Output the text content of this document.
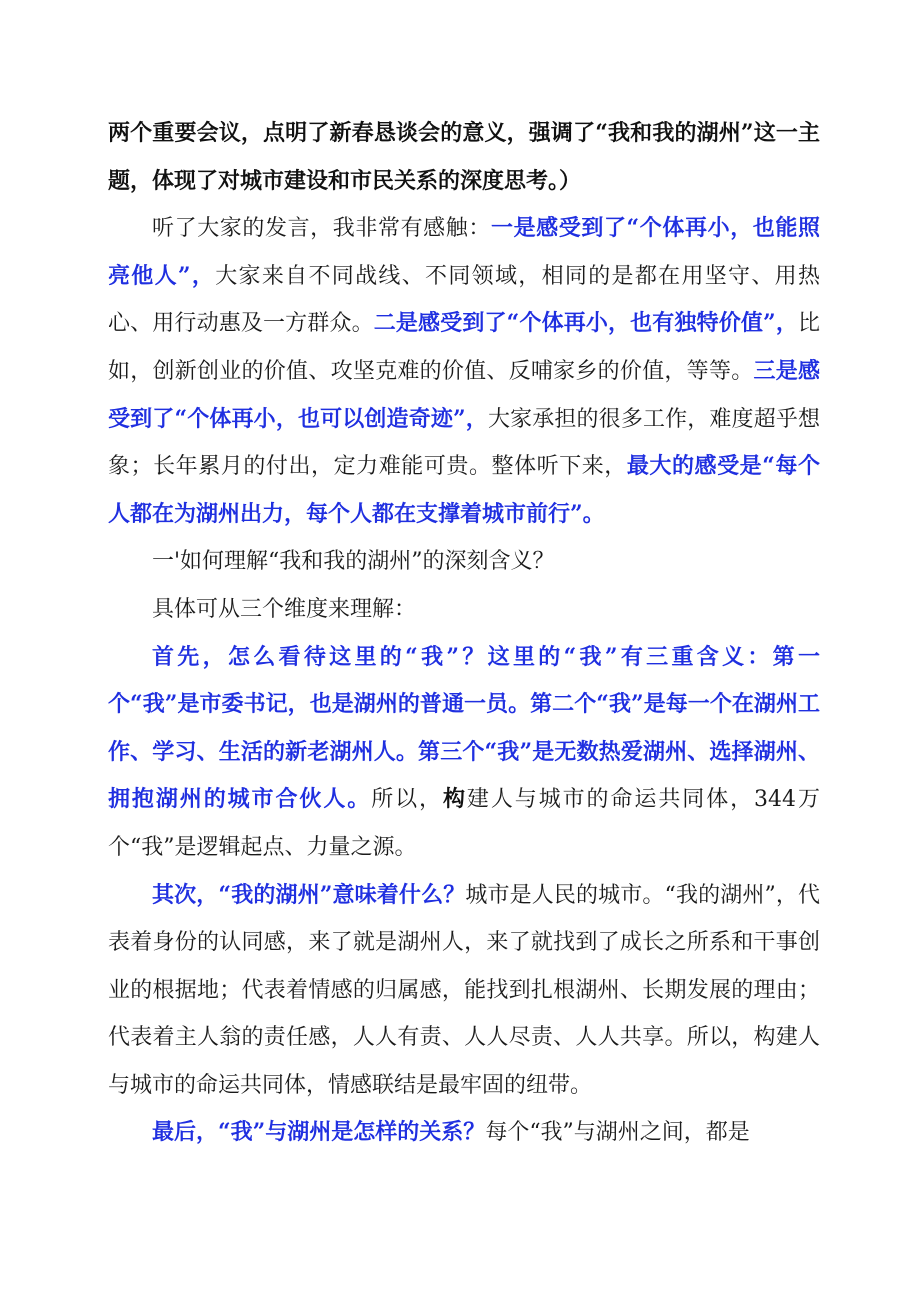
两个重要会议，点明了新春恳谈会的意义，强调了“我和我的湖州”这一主题，体现了对城市建设和市民关系的深度思考。）

听了大家的发言，我非常有感触：一是感受到了“个体再小，也能照亮他人”，大家来自不同战线、不同领域，相同的是都在用坚守、用热心、用行动惠及一方群众。二是感受到了“个体再小，也有独特价值”，比如，创新创业的价值、攻坚克难的价值、反哺家乡的价值，等等。三是感受到了“个体再小，也可以创造奇迹”，大家承担的很多工作，难度超乎想象；长年累月的付出，定力难能可贵。整体听下来，最大的感受是“每个人都在为湖州出力，每个人都在支撑着城市前行”。

一'如何理解“我和我的湖州”的深刻含义？

具体可从三个维度来理解：

首先，怎么看待这里的“我”？这里的“我”有三重含义：第一个“我”是市委书记，也是湖州的普通一员。第二个“我”是每一个在湖州工作、学习、生活的新老湖州人。第三个“我”是无数热爱湖州、选择湖州、拥抱湖州的城市合伙人。所以，构建人与城市的命运共同体，344万个“我”是逻辑起点、力量之源。

其次，“我的湖州”意味着什么？城市是人民的城市。“我的湖州”，代表着身份的认同感，来了就是湖州人，来了就找到了成长之所系和干事创业的根据地；代表着情感的归属感，能找到扎根湖州、长期发展的理由；代表着主人翁的责任感，人人有责、人人尽责、人人共享。所以，构建人与城市的命运共同体，情感联结是最牢固的纽带。

最后，“我”与湖州是怎样的关系？每个“我”与湖州之间，都是
